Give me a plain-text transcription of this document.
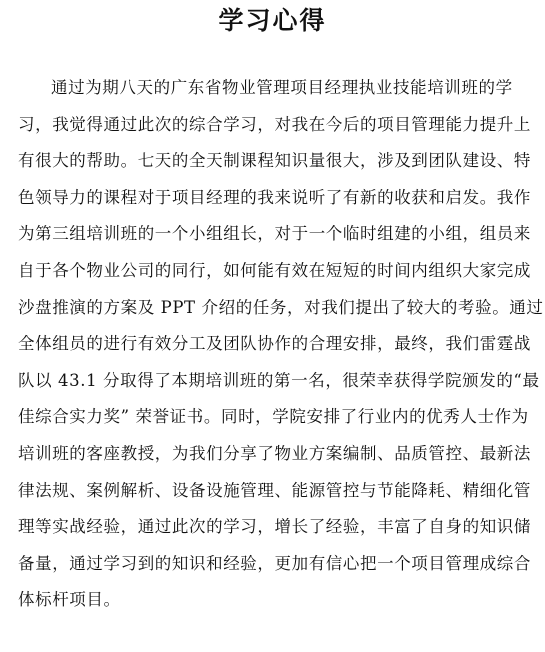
学习心得
通过为期八天的广东省物业管理项目经理执业技能培训班的学
习，我觉得通过此次的综合学习，对我在今后的项目管理能力提升上
有很大的帮助。七天的全天制课程知识量很大，涉及到团队建设、特
色领导力的课程对于项目经理的我来说听了有新的收获和启发。我作
为第三组培训班的一个小组组长，对于一个临时组建的小组，组员来
自于各个物业公司的同行，如何能有效在短短的时间内组织大家完成
沙盘推演的方案及 PPT 介绍的任务，对我们提出了较大的考验。通过
全体组员的进行有效分工及团队协作的合理安排，最终，我们雷霆战
队以 43.1 分取得了本期培训班的第一名，很荣幸获得学院颁发的“最
佳综合实力奖” 荣誉证书。同时，学院安排了行业内的优秀人士作为
培训班的客座教授，为我们分享了物业方案编制、品质管控、最新法
律法规、案例解析、设备设施管理、能源管控与节能降耗、精细化管
理等实战经验，通过此次的学习，增长了经验，丰富了自身的知识储
备量，通过学习到的知识和经验，更加有信心把一个项目管理成综合
体标杆项目。
